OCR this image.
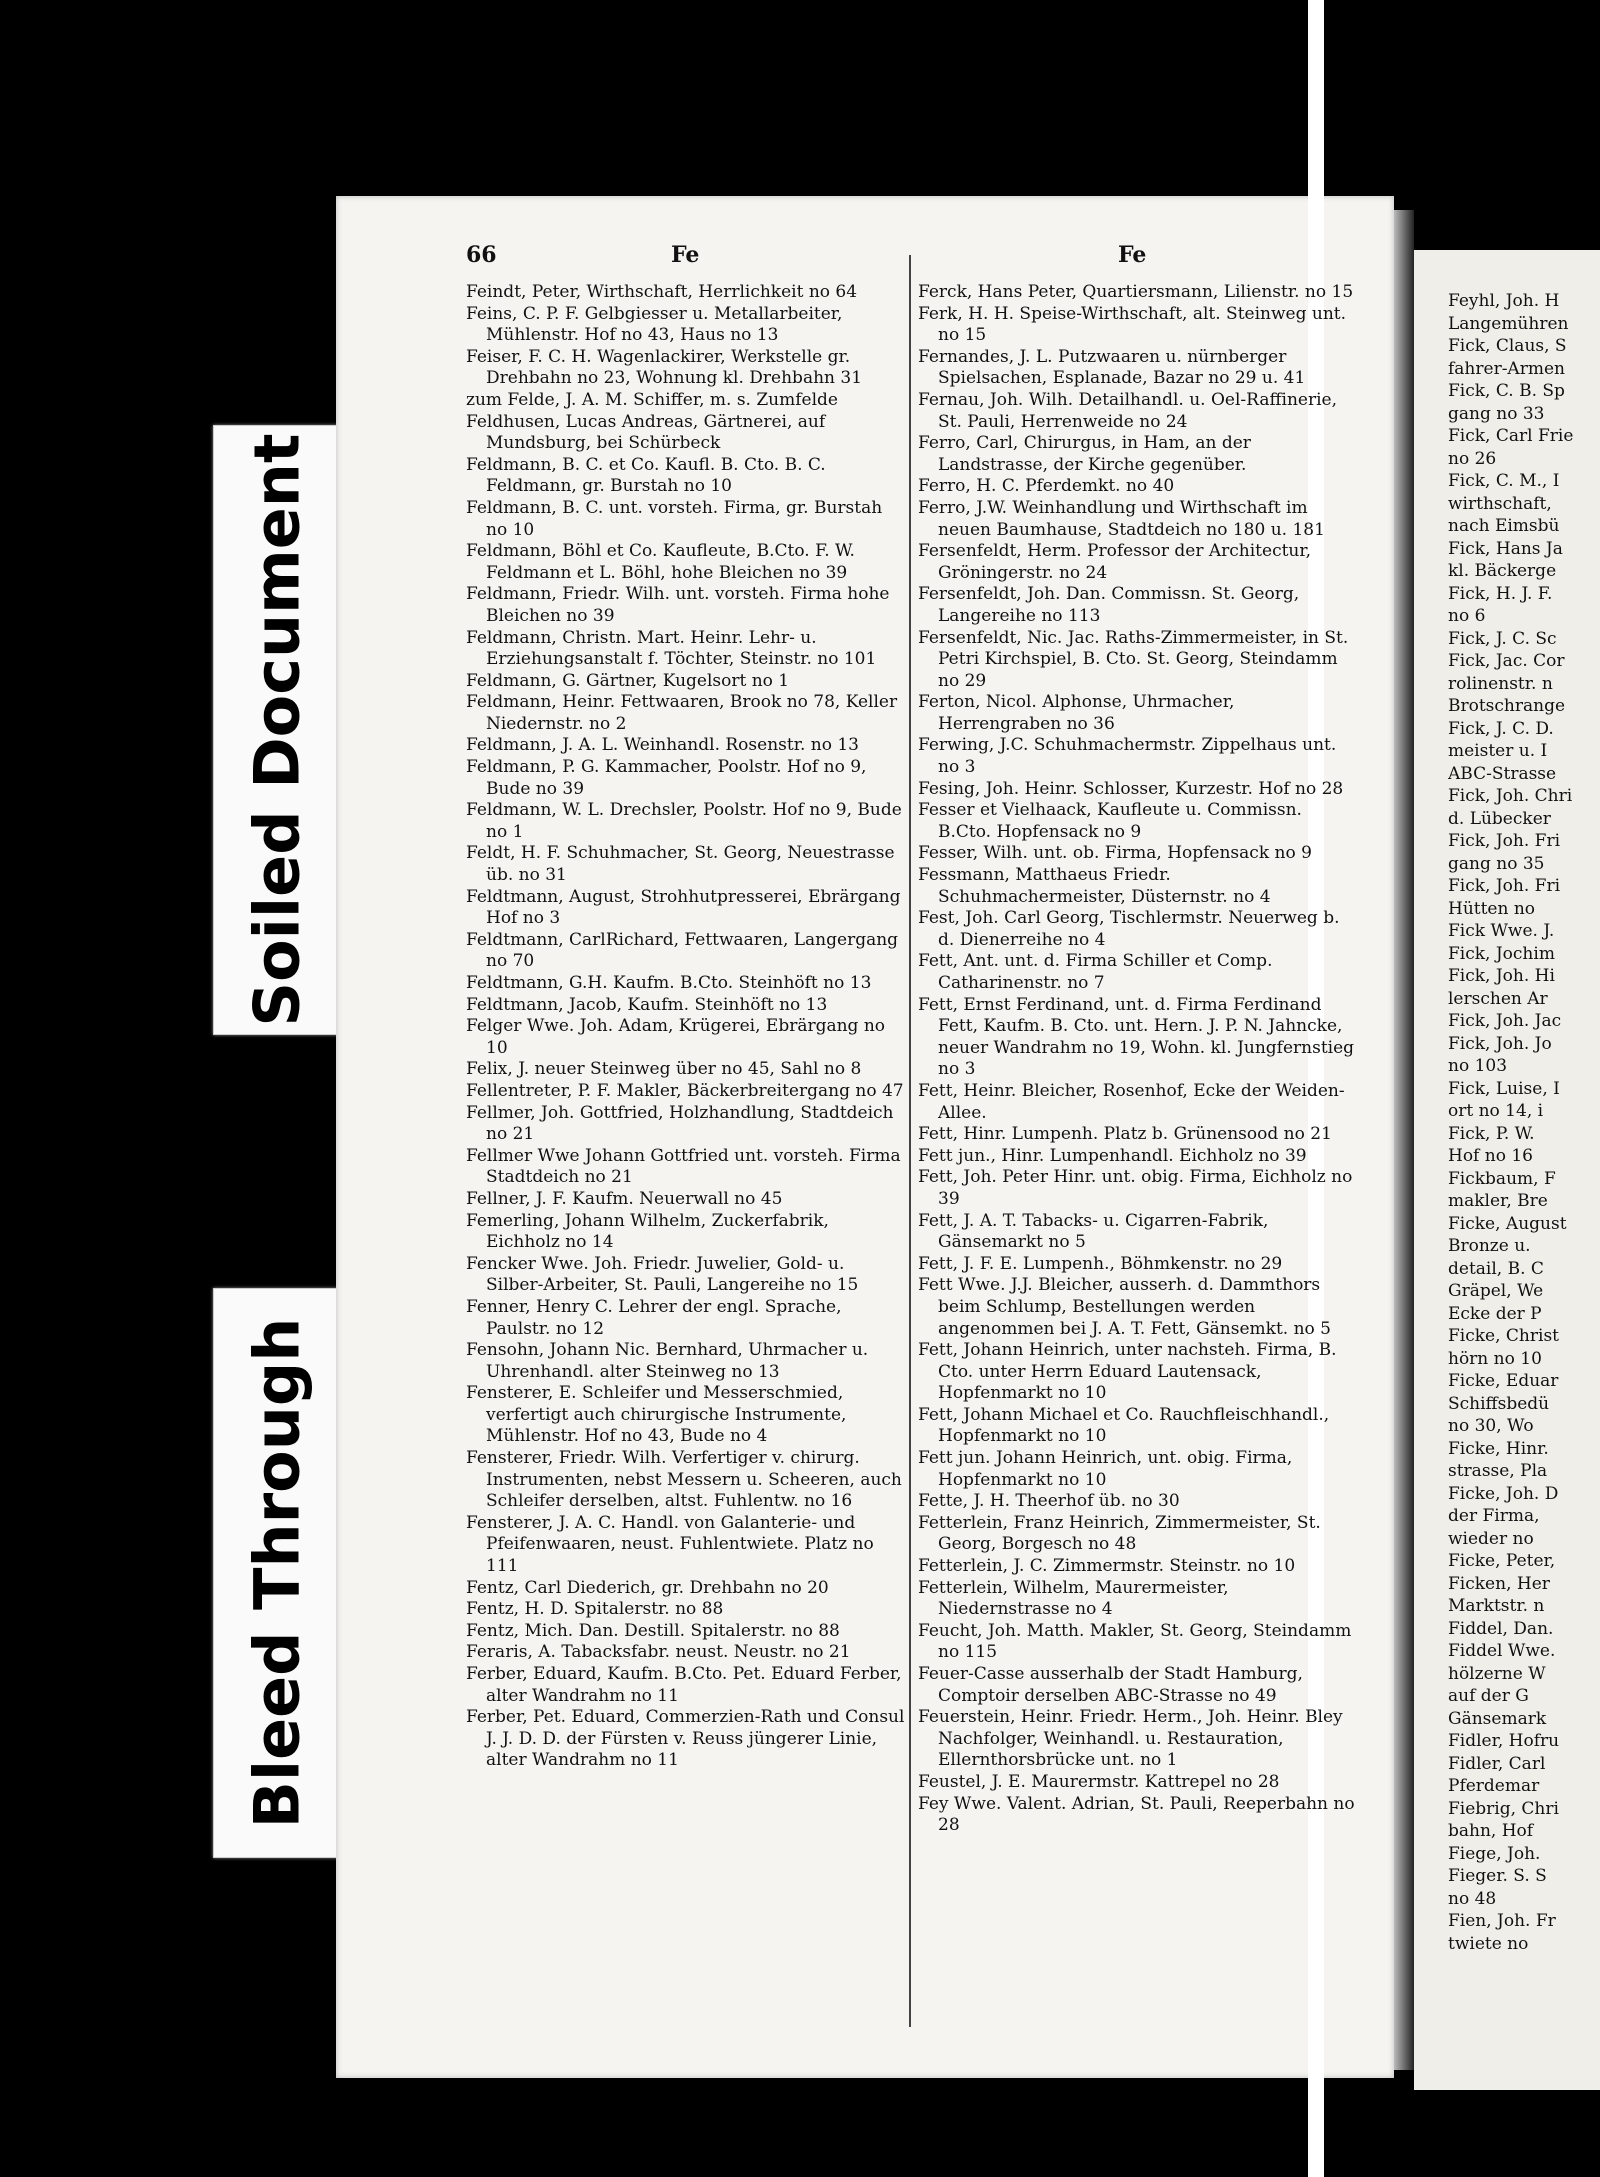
Soiled Document
Bleed Through
66	Fe	Fe

Feindt, Peter, Wirthschaft, Herrlichkeit no 64

Feins, C. P. F. Gelbgiesser u. Metallarbeiter, Mühlenstr. Hof no 43, Haus no 13

Feiser, F. C. H. Wagenlackirer, Werkstelle gr. Drehbahn no 23, Wohnung kl. Drehbahn 31

zum Felde, J. A. M. Schiffer, m. s. Zumfelde

Feldhusen, Lucas Andreas, Gärtnerei, auf Mundsburg, bei Schürbeck

Feldmann, B. C. et Co. Kaufl. B. Cto. B. C. Feldmann, gr. Burstah no 10

Feldmann, B. C. unt. vorsteh. Firma, gr. Burstah no 10

Feldmann, Böhl et Co. Kaufleute, B.Cto. F. W. Feldmann et L. Böhl, hohe Bleichen no 39

Feldmann, Friedr. Wilh. unt. vorsteh. Firma hohe Bleichen no 39

Feldmann, Christn. Mart. Heinr. Lehr- u. Erziehungsanstalt f. Töchter, Steinstr. no 101

Feldmann, G. Gärtner, Kugelsort no 1

Feldmann, Heinr. Fettwaaren, Brook no 78, Keller Niedernstr. no 2

Feldmann, J. A. L. Weinhandl. Rosenstr. no 13

Feldmann, P. G. Kammacher, Poolstr. Hof no 9, Bude no 39

Feldmann, W. L. Drechsler, Poolstr. Hof no 9, Bude no 1

Feldt, H. F. Schuhmacher, St. Georg, Neuestrasse üb. no 31

Feldtmann, August, Strohhutpresserei, Ebrärgang Hof no 3

Feldtmann, CarlRichard, Fettwaaren, Langergang no 70

Feldtmann, G.H. Kaufm. B.Cto. Steinhöft no 13

Feldtmann, Jacob, Kaufm. Steinhöft no 13

Felger Wwe. Joh. Adam, Krügerei, Ebrärgang no 10

Felix, J. neuer Steinweg über no 45, Sahl no 8

Fellentreter, P. F. Makler, Bäckerbreitergang no 47

Fellmer, Joh. Gottfried, Holzhandlung, Stadtdeich no 21

Fellmer Wwe Johann Gottfried unt. vorsteh. Firma Stadtdeich no 21

Fellner, J. F. Kaufm. Neuerwall no 45

Femerling, Johann Wilhelm, Zuckerfabrik, Eichholz no 14

Fencker Wwe. Joh. Friedr. Juwelier, Gold- u. Silber-Arbeiter, St. Pauli, Langereihe no 15

Fenner, Henry C. Lehrer der engl. Sprache, Paulstr. no 12

Fensohn, Johann Nic. Bernhard, Uhrmacher u. Uhrenhandl. alter Steinweg no 13

Fensterer, E. Schleifer und Messerschmied, verfertigt auch chirurgische Instrumente, Mühlenstr. Hof no 43, Bude no 4

Fensterer, Friedr. Wilh. Verfertiger v. chirurg. Instrumenten, nebst Messern u. Scheeren, auch Schleifer derselben, altst. Fuhlentw. no 16

Fensterer, J. A. C. Handl. von Galanterie- und Pfeifenwaaren, neust. Fuhlentwiete. Platz no 111

Fentz, Carl Diederich, gr. Drehbahn no 20

Fentz, H. D. Spitalerstr. no 88

Fentz, Mich. Dan. Destill. Spitalerstr. no 88

Feraris, A. Tabacksfabr. neust. Neustr. no 21

Ferber, Eduard, Kaufm. B.Cto. Pet. Eduard Ferber, alter Wandrahm no 11

Ferber, Pet. Eduard, Commerzien-Rath und Consul J. J. D. D. der Fürsten v. Reuss jüngerer Linie, alter Wandrahm no 11

Ferck, Hans Peter, Quartiersmann, Lilienstr. no 15

Ferk, H. H. Speise-Wirthschaft, alt. Steinweg unt. no 15

Fernandes, J. L. Putzwaaren u. nürnberger Spielsachen, Esplanade, Bazar no 29 u. 41

Fernau, Joh. Wilh. Detailhandl. u. Oel-Raffinerie, St. Pauli, Herrenweide no 24

Ferro, Carl, Chirurgus, in Ham, an der Landstrasse, der Kirche gegenüber.

Ferro, H. C. Pferdemkt. no 40

Ferro, J.W. Weinhandlung und Wirthschaft im neuen Baumhause, Stadtdeich no 180 u. 181

Fersenfeldt, Herm. Professor der Architectur, Gröningerstr. no 24

Fersenfeldt, Joh. Dan. Commissn. St. Georg, Langereihe no 113

Fersenfeldt, Nic. Jac. Raths-Zimmermeister, in St. Petri Kirchspiel, B. Cto. St. Georg, Steindamm no 29

Ferton, Nicol. Alphonse, Uhrmacher, Herrengraben no 36

Ferwing, J.C. Schuhmachermstr. Zippelhaus unt. no 3

Fesing, Joh. Heinr. Schlosser, Kurzestr. Hof no 28

Fesser et Vielhaack, Kaufleute u. Commissn. B.Cto. Hopfensack no 9

Fesser, Wilh. unt. ob. Firma, Hopfensack no 9

Fessmann, Matthaeus Friedr. Schuhmachermeister, Düsternstr. no 4

Fest, Joh. Carl Georg, Tischlermstr. Neuerweg b. d. Dienerreihe no 4

Fett, Ant. unt. d. Firma Schiller et Comp. Catharinenstr. no 7

Fett, Ernst Ferdinand, unt. d. Firma Ferdinand Fett, Kaufm. B. Cto. unt. Hern. J. P. N. Jahncke, neuer Wandrahm no 19, Wohn. kl. Jungfernstieg no 3

Fett, Heinr. Bleicher, Rosenhof, Ecke der Weiden-Allee.

Fett, Hinr. Lumpenh. Platz b. Grünensood no 21

Fett jun., Hinr. Lumpenhandl. Eichholz no 39

Fett, Joh. Peter Hinr. unt. obig. Firma, Eichholz no 39

Fett, J. A. T. Tabacks- u. Cigarren-Fabrik, Gänsemarkt no 5

Fett, J. F. E. Lumpenh., Böhmkenstr. no 29

Fett Wwe. J.J. Bleicher, ausserh. d. Dammthors beim Schlump, Bestellungen werden angenommen bei J. A. T. Fett, Gänsemkt. no 5

Fett, Johann Heinrich, unter nachsteh. Firma, B. Cto. unter Herrn Eduard Lautensack, Hopfenmarkt no 10

Fett, Johann Michael et Co. Rauchfleischhandl., Hopfenmarkt no 10

Fett jun. Johann Heinrich, unt. obig. Firma, Hopfenmarkt no 10

Fette, J. H. Theerhof üb. no 30

Fetterlein, Franz Heinrich, Zimmermeister, St. Georg, Borgesch no 48

Fetterlein, J. C. Zimmermstr. Steinstr. no 10

Fetterlein, Wilhelm, Maurermeister, Niedernstrasse no 4

Feucht, Joh. Matth. Makler, St. Georg, Steindamm no 115

Feuer-Casse ausserhalb der Stadt Hamburg, Comptoir derselben ABC-Strasse no 49

Feuerstein, Heinr. Friedr. Herm., Joh. Heinr. Bley Nachfolger, Weinhandl. u. Restauration, Ellernthorsbrücke unt. no 1

Feustel, J. E. Maurermstr. Kattrepel no 28

Fey Wwe. Valent. Adrian, St. Pauli, Reeperbahn no 28

Feyhl, Joh. H

Langemühren

Fick, Claus, S

fahrer-Armen

Fick, C. B. Sp

gang no 33

Fick, Carl Frie

no 26

Fick, C. M., I

wirthschaft,

nach Eimsbü

Fick, Hans Ja

kl. Bäckerge

Fick, H. J. F.

no 6

Fick, J. C. Sc

Fick, Jac. Cor

rolinenstr. n

Brotschrange

Fick, J. C. D.

meister u. I

ABC-Strasse

Fick, Joh. Chri

d. Lübecker

Fick, Joh. Fri

gang no 35

Fick, Joh. Fri

Hütten no

Fick Wwe. J.

Fick, Jochim

Fick, Joh. Hi

lerschen Ar

Fick, Joh. Jac

Fick, Joh. Jo

no 103

Fick, Luise, I

ort no 14, i

Fick, P. W.

Hof no 16

Fickbaum, F

makler, Bre

Ficke, August

Bronze u.

detail, B. C

Gräpel, We

Ecke der P

Ficke, Christ

hörn no 10

Ficke, Eduar

Schiffsbedü

no 30, Wo

Ficke, Hinr.

strasse, Pla

Ficke, Joh. D

der Firma,

wieder no

Ficke, Peter,

Ficken, Her

Marktstr. n

Fiddel, Dan.

Fiddel Wwe.

hölzerne W

auf der G

Gänsemark

Fidler, Hofru

Fidler, Carl

Pferdemar

Fiebrig, Chri

bahn, Hof

Fiege, Joh.

Fieger. S. S

no 48

Fien, Joh. Fr

twiete no
